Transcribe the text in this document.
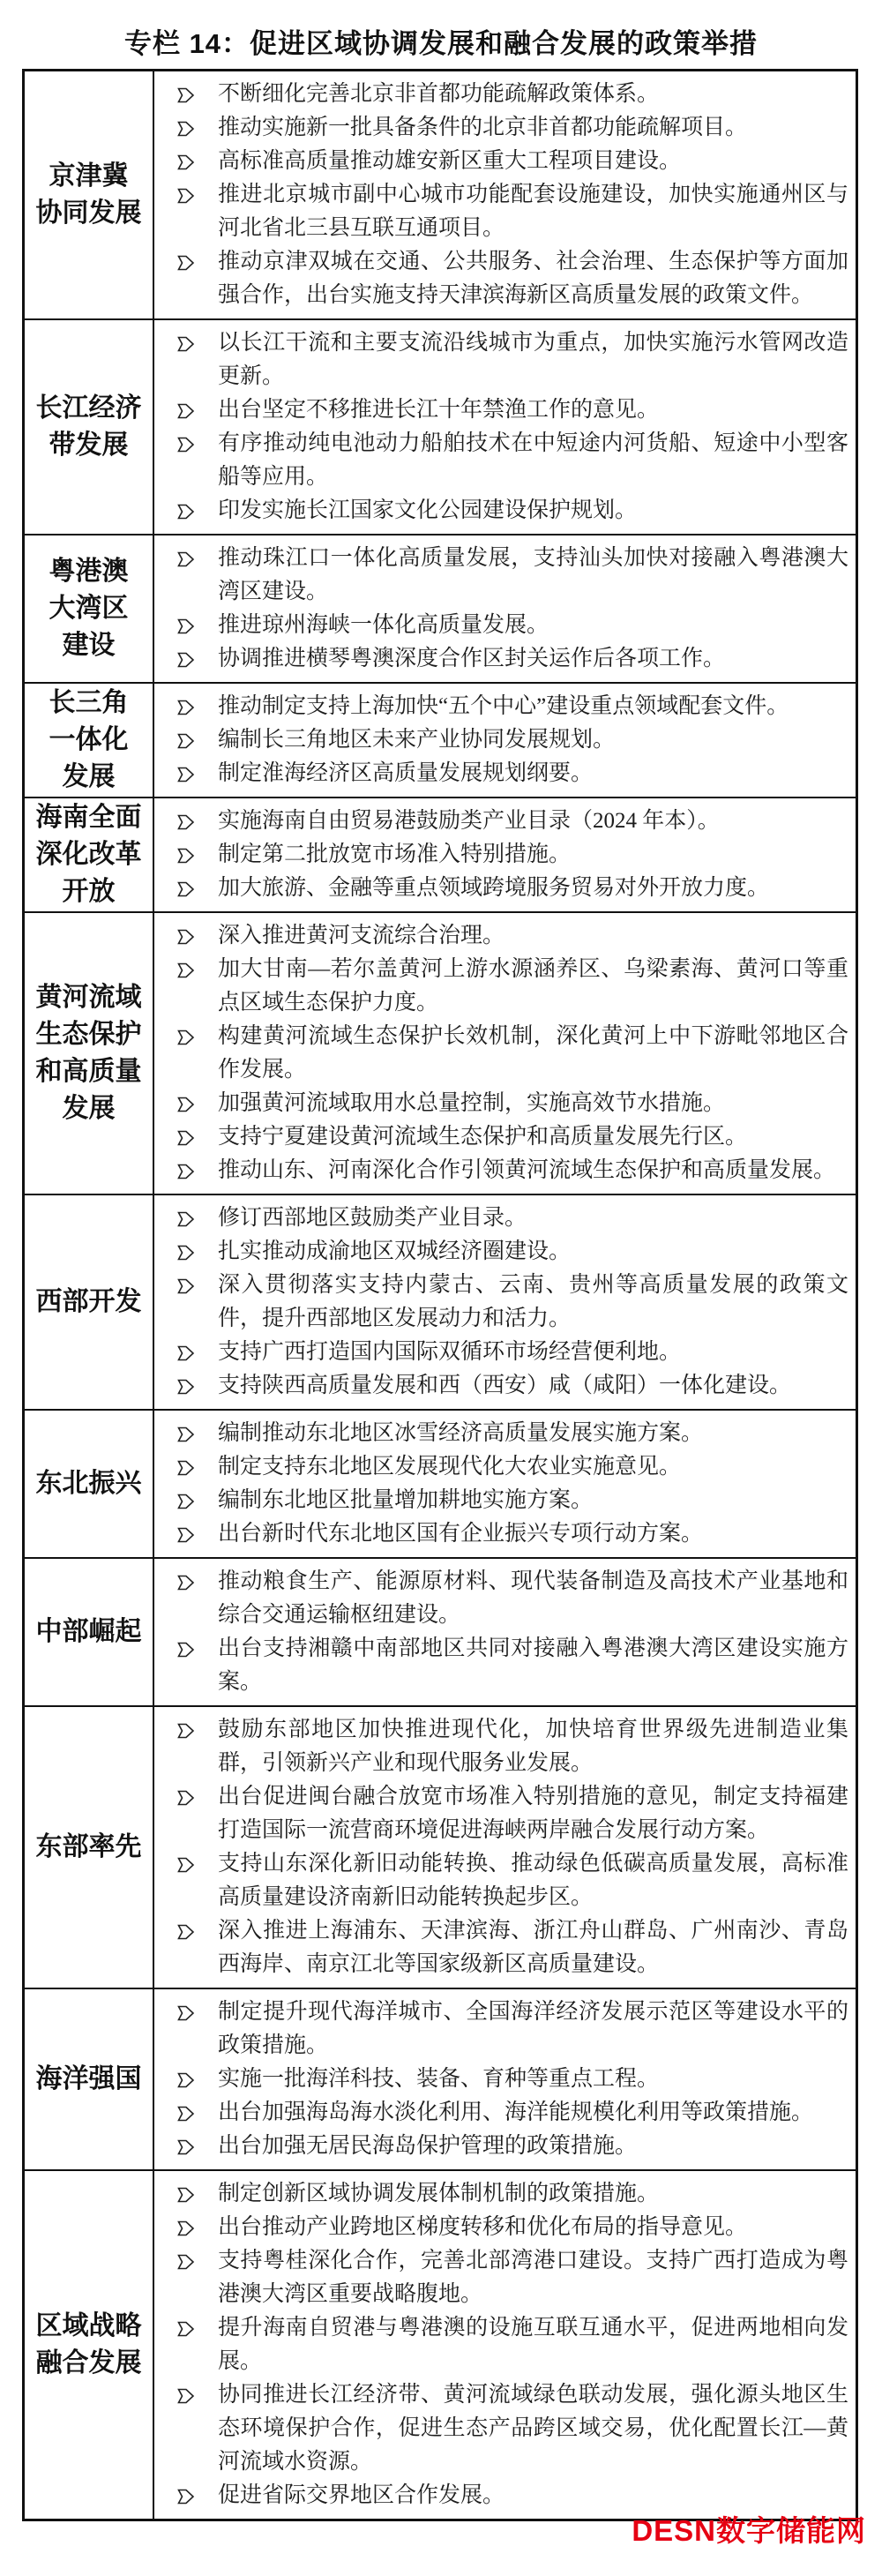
专栏 14：促进区域协调发展和融合发展的政策举措
京津冀
协同发展
不断细化完善北京非首都功能疏解政策体系。
推动实施新一批具备条件的北京非首都功能疏解项目。
高标准高质量推动雄安新区重大工程项目建设。
推进北京城市副中心城市功能配套设施建设，加快实施通州区与河北省北三县互联互通项目。
推动京津双城在交通、公共服务、社会治理、生态保护等方面加强合作，出台实施支持天津滨海新区高质量发展的政策文件。
长江经济
带发展
以长江干流和主要支流沿线城市为重点，加快实施污水管网改造更新。
出台坚定不移推进长江十年禁渔工作的意见。
有序推动纯电池动力船舶技术在中短途内河货船、短途中小型客船等应用。
印发实施长江国家文化公园建设保护规划。
粤港澳
大湾区
建设
推动珠江口一体化高质量发展，支持汕头加快对接融入粤港澳大湾区建设。
推进琼州海峡一体化高质量发展。
协调推进横琴粤澳深度合作区封关运作后各项工作。
长三角
一体化
发展
推动制定支持上海加快“五个中心”建设重点领域配套文件。
编制长三角地区未来产业协同发展规划。
制定淮海经济区高质量发展规划纲要。
海南全面
深化改革
开放
实施海南自由贸易港鼓励类产业目录（2024 年本）。
制定第二批放宽市场准入特别措施。
加大旅游、金融等重点领域跨境服务贸易对外开放力度。
黄河流域
生态保护
和高质量
发展
深入推进黄河支流综合治理。
加大甘南—若尔盖黄河上游水源涵养区、乌梁素海、黄河口等重点区域生态保护力度。
构建黄河流域生态保护长效机制，深化黄河上中下游毗邻地区合作发展。
加强黄河流域取用水总量控制，实施高效节水措施。
支持宁夏建设黄河流域生态保护和高质量发展先行区。
推动山东、河南深化合作引领黄河流域生态保护和高质量发展。
西部开发
修订西部地区鼓励类产业目录。
扎实推动成渝地区双城经济圈建设。
深入贯彻落实支持内蒙古、云南、贵州等高质量发展的政策文件，提升西部地区发展动力和活力。
支持广西打造国内国际双循环市场经营便利地。
支持陕西高质量发展和西（西安）咸（咸阳）一体化建设。
东北振兴
编制推动东北地区冰雪经济高质量发展实施方案。
制定支持东北地区发展现代化大农业实施意见。
编制东北地区批量增加耕地实施方案。
出台新时代东北地区国有企业振兴专项行动方案。
中部崛起
推动粮食生产、能源原材料、现代装备制造及高技术产业基地和综合交通运输枢纽建设。
出台支持湘赣中南部地区共同对接融入粤港澳大湾区建设实施方案。
东部率先
鼓励东部地区加快推进现代化，加快培育世界级先进制造业集群，引领新兴产业和现代服务业发展。
出台促进闽台融合放宽市场准入特别措施的意见，制定支持福建打造国际一流营商环境促进海峡两岸融合发展行动方案。
支持山东深化新旧动能转换、推动绿色低碳高质量发展，高标准高质量建设济南新旧动能转换起步区。
深入推进上海浦东、天津滨海、浙江舟山群岛、广州南沙、青岛西海岸、南京江北等国家级新区高质量建设。
海洋强国
制定提升现代海洋城市、全国海洋经济发展示范区等建设水平的政策措施。
实施一批海洋科技、装备、育种等重点工程。
出台加强海岛海水淡化利用、海洋能规模化利用等政策措施。
出台加强无居民海岛保护管理的政策措施。
区域战略
融合发展
制定创新区域协调发展体制机制的政策措施。
出台推动产业跨地区梯度转移和优化布局的指导意见。
支持粤桂深化合作，完善北部湾港口建设。支持广西打造成为粤港澳大湾区重要战略腹地。
提升海南自贸港与粤港澳的设施互联互通水平，促进两地相向发展。
协同推进长江经济带、黄河流域绿色联动发展，强化源头地区生态环境保护合作，促进生态产品跨区域交易，优化配置长江—黄河流域水资源。
促进省际交界地区合作发展。
DESN数字储能网
